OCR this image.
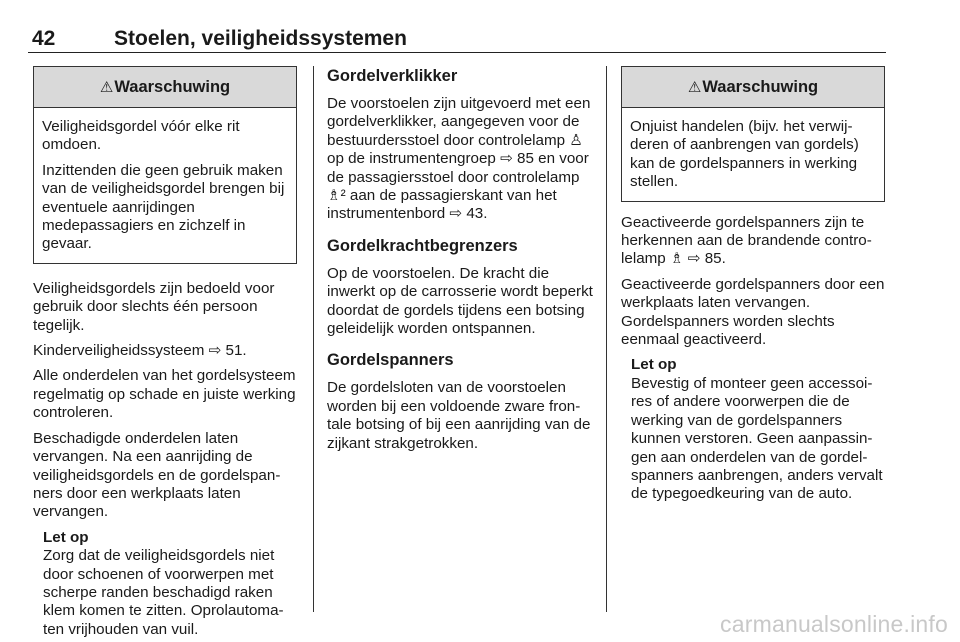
42	Stoelen, veiligheidssystemen
⚠Waarschuwing

Veiligheidsgordel vóór elke rit omdoen.

Inzittenden die geen gebruik maken van de veiligheidsgordel brengen bij eventuele aanrijdingen medepassagiers en zichzelf in gevaar.

Veiligheidsgordels zijn bedoeld voor gebruik door slechts één persoon tegelijk.

Kinderveiligheidssysteem ⇨ 51.

Alle onderdelen van het gordelsysteem regelmatig op schade en juiste werking controleren.

Beschadigde onderdelen laten vervangen. Na een aanrijding de veiligheidsgordels en de gordelspanners door een werkplaats laten vervangen.

Let op

Zorg dat de veiligheidsgordels niet door schoenen of voorwerpen met scherpe randen beschadigd raken klem komen te zitten. Oprolautomaten vrijhouden van vuil.

Gordelverklikker

De voorstoelen zijn uitgevoerd met een gordelverklikker, aangegeven voor de bestuurdersstoel door controlelamp ♙ op de instrumentengroep ⇨ 85 en voor de passagiersstoel door controlelamp ♗² aan de passagierskant van het instrumentenbord ⇨ 43.

Gordelkrachtbegrenzers

Op de voorstoelen. De kracht die inwerkt op de carrosserie wordt beperkt doordat de gordels tijdens een botsing geleidelijk worden ontspannen.

Gordelspanners

De gordelsloten van de voorstoelen worden bij een voldoende zware frontale botsing of bij een aanrijding van de zijkant strakgetrokken.

⚠Waarschuwing

Onjuist handelen (bijv. het verwijderen of aanbrengen van gordels) kan de gordelspanners in werking stellen.

Geactiveerde gordelspanners zijn te herkennen aan de brandende controlelamp ♗ ⇨ 85.

Geactiveerde gordelspanners door een werkplaats laten vervangen. Gordelspanners worden slechts eenmaal geactiveerd.

Let op

Bevestig of monteer geen accessoires of andere voorwerpen die de werking van de gordelspanners kunnen verstoren. Geen aanpassingen aan onderdelen van de gordelspanners aanbrengen, anders vervalt de typegoedkeuring van de auto.

carmanualsonline.info
